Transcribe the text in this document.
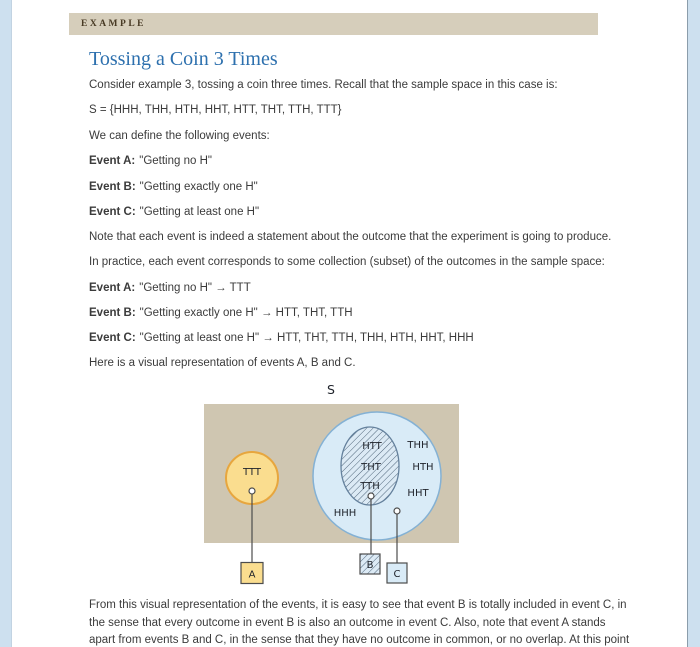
EXAMPLE
Tossing a Coin 3 Times
Consider example 3, tossing a coin three times. Recall that the sample space in this case is:
S = {HHH, THH, HTH, HHT, HTT, THT, TTH, TTT}
We can define the following events:
Event A: "Getting no H"
Event B: "Getting exactly one H"
Event C: "Getting at least one H"
Note that each event is indeed a statement about the outcome that the experiment is going to produce.
In practice, each event corresponds to some collection (subset) of the outcomes in the sample space:
Event A: "Getting no H" → TTT
Event B: "Getting exactly one H" → HTT, THT, TTH
Event C: "Getting at least one H" → HTT, THT, TTH, THH, HTH, HHT, HHH
Here is a visual representation of events A, B and C.
S
TTT
HTT
THT
TTH
THH
HTH
HHT
HHH
A
B
C
From this visual representation of the events, it is easy to see that event B is totally included in event C, in
the sense that every outcome in event B is also an outcome in event C. Also, note that event A stands
apart from events B and C, in the sense that they have no outcome in common, or no overlap. At this point
